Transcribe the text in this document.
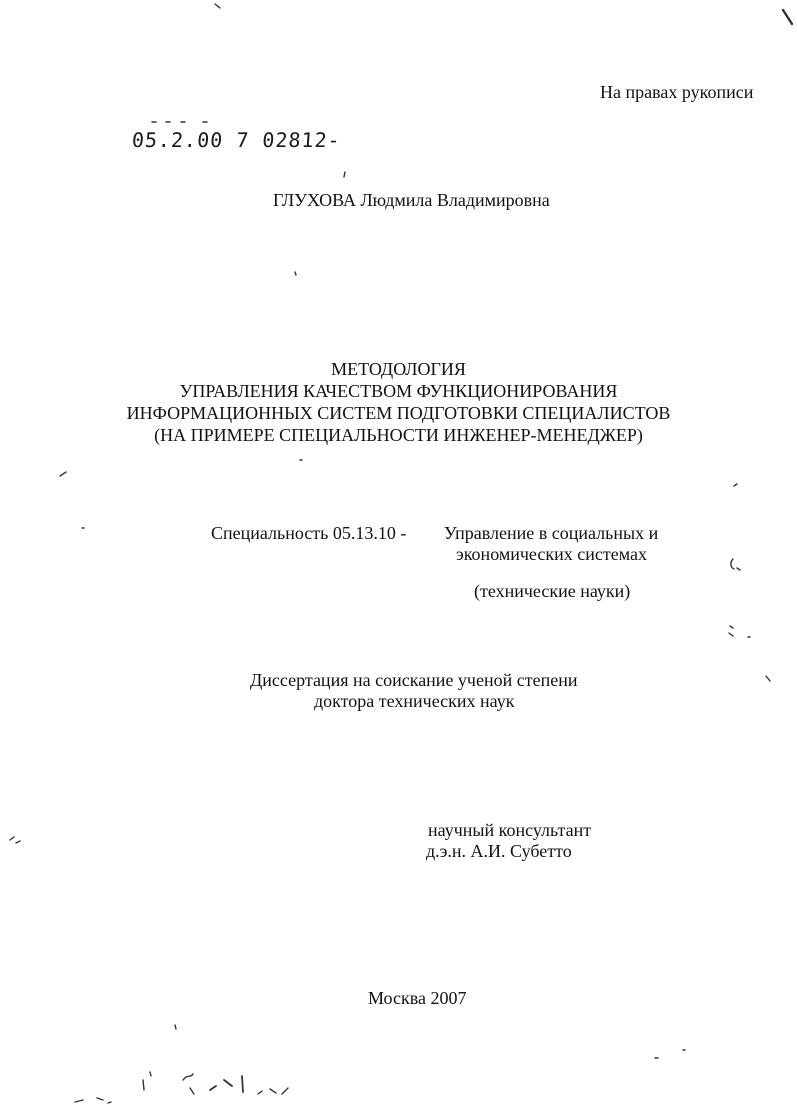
На правах рукописи
05.2.00 7 02812-
ГЛУХОВА Людмила Владимировна
МЕТОДОЛОГИЯ
УПРАВЛЕНИЯ КАЧЕСТВОМ ФУНКЦИОНИРОВАНИЯ
ИНФОРМАЦИОННЫХ СИСТЕМ ПОДГОТОВКИ СПЕЦИАЛИСТОВ
(НА ПРИМЕРЕ СПЕЦИАЛЬНОСТИ ИНЖЕНЕР-МЕНЕДЖЕР)
Специальность 05.13.10 - Управление в социальных и
экономических системах
(технические науки)
Диссертация на соискание ученой степени
доктора технических наук
научный консультант
д.э.н. А.И. Субетто
Москва 2007
